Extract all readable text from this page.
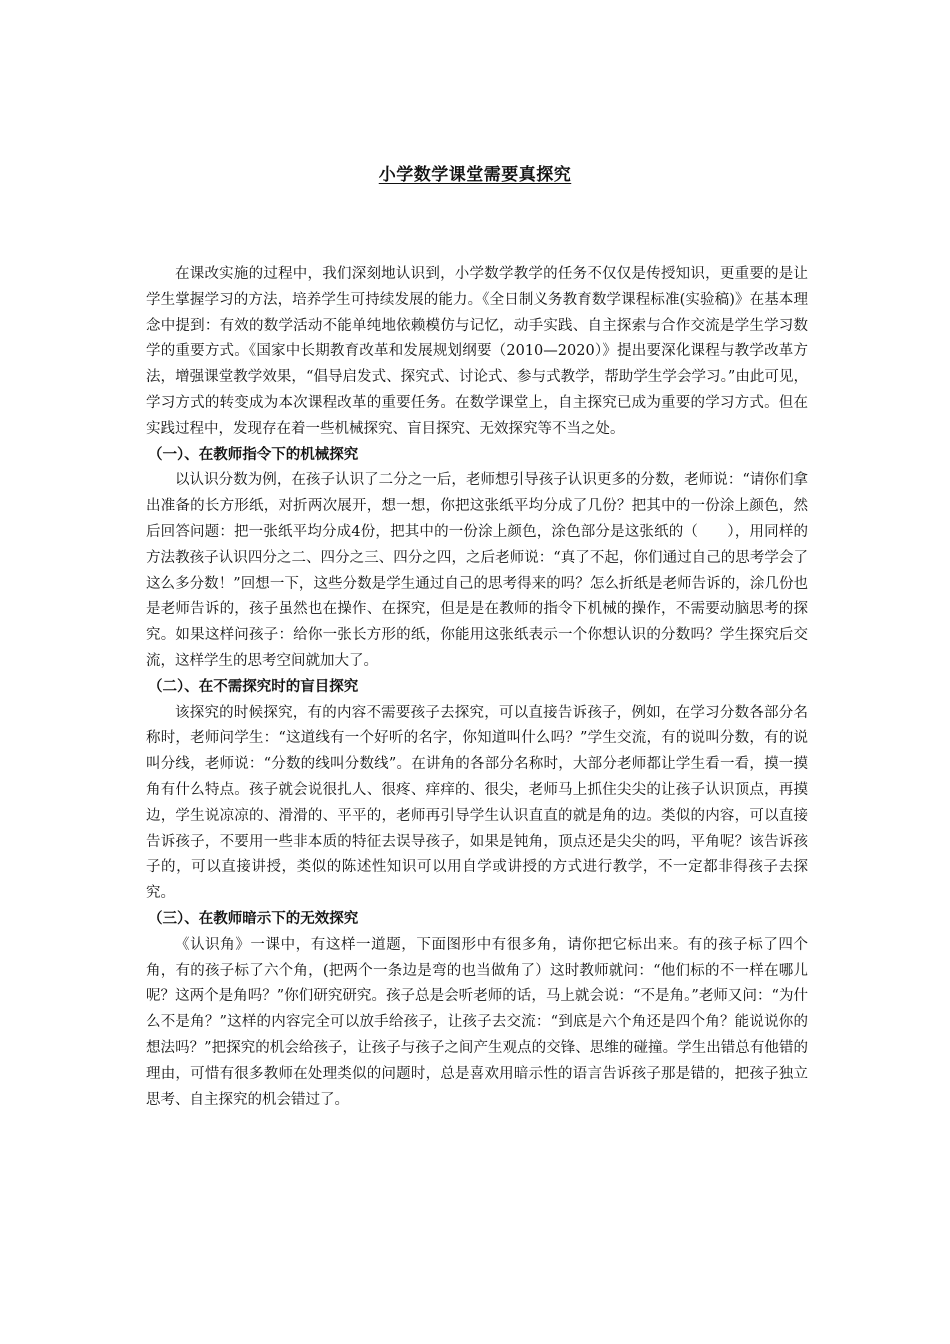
小学数学课堂需要真探究

在课改实施的过程中，我们深刻地认识到，小学数学教学的任务不仅仅是传授知识，更重要的是让学生掌握学习的方法，培养学生可持续发展的能力。《全日制义务教育数学课程标准(实验稿)》在基本理念中提到：有效的数学活动不能单纯地依赖模仿与记忆，动手实践、自主探索与合作交流是学生学习数学的重要方式。《国家中长期教育改革和发展规划纲要（2010—2020）》提出要深化课程与教学改革方法，增强课堂教学效果，“倡导启发式、探究式、讨论式、参与式教学，帮助学生学会学习。”由此可见，学习方式的转变成为本次课程改革的重要任务。在数学课堂上，自主探究已成为重要的学习方式。但在实践过程中，发现存在着一些机械探究、盲目探究、无效探究等不当之处。

（一）、在教师指令下的机械探究

以认识分数为例，在孩子认识了二分之一后，老师想引导孩子认识更多的分数，老师说：“请你们拿出准备的长方形纸，对折两次展开，想一想，你把这张纸平均分成了几份？把其中的一份涂上颜色，然后回答问题：把一张纸平均分成4份，把其中的一份涂上颜色，涂色部分是这张纸的（　　），用同样的方法教孩子认识四分之二、四分之三、四分之四，之后老师说：“真了不起，你们通过自己的思考学会了这么多分数！”回想一下，这些分数是学生通过自己的思考得来的吗？怎么折纸是老师告诉的，涂几份也是老师告诉的，孩子虽然也在操作、在探究，但是是在教师的指令下机械的操作，不需要动脑思考的探究。如果这样问孩子：给你一张长方形的纸，你能用这张纸表示一个你想认识的分数吗？学生探究后交流，这样学生的思考空间就加大了。

（二）、在不需探究时的盲目探究

该探究的时候探究，有的内容不需要孩子去探究，可以直接告诉孩子，例如，在学习分数各部分名称时，老师问学生：“这道线有一个好听的名字，你知道叫什么吗？”学生交流，有的说叫分数，有的说叫分线，老师说：“分数的线叫分数线”。在讲角的各部分名称时，大部分老师都让学生看一看，摸一摸角有什么特点。孩子就会说很扎人、很疼、痒痒的、很尖，老师马上抓住尖尖的让孩子认识顶点，再摸边，学生说凉凉的、滑滑的、平平的，老师再引导学生认识直直的就是角的边。类似的内容，可以直接告诉孩子，不要用一些非本质的特征去误导孩子，如果是钝角，顶点还是尖尖的吗，平角呢？该告诉孩子的，可以直接讲授，类似的陈述性知识可以用自学或讲授的方式进行教学，不一定都非得孩子去探究。

（三）、在教师暗示下的无效探究

《认识角》一课中，有这样一道题，下面图形中有很多角，请你把它标出来。有的孩子标了四个角，有的孩子标了六个角，(把两个一条边是弯的也当做角了）这时教师就问：“他们标的不一样在哪儿呢？这两个是角吗？”你们研究研究。孩子总是会听老师的话，马上就会说：“不是角。”老师又问：“为什么不是角？”这样的内容完全可以放手给孩子，让孩子去交流：“到底是六个角还是四个角？能说说你的想法吗？”把探究的机会给孩子，让孩子与孩子之间产生观点的交锋、思维的碰撞。学生出错总有他错的理由，可惜有很多教师在处理类似的问题时，总是喜欢用暗示性的语言告诉孩子那是错的，把孩子独立思考、自主探究的机会错过了。
